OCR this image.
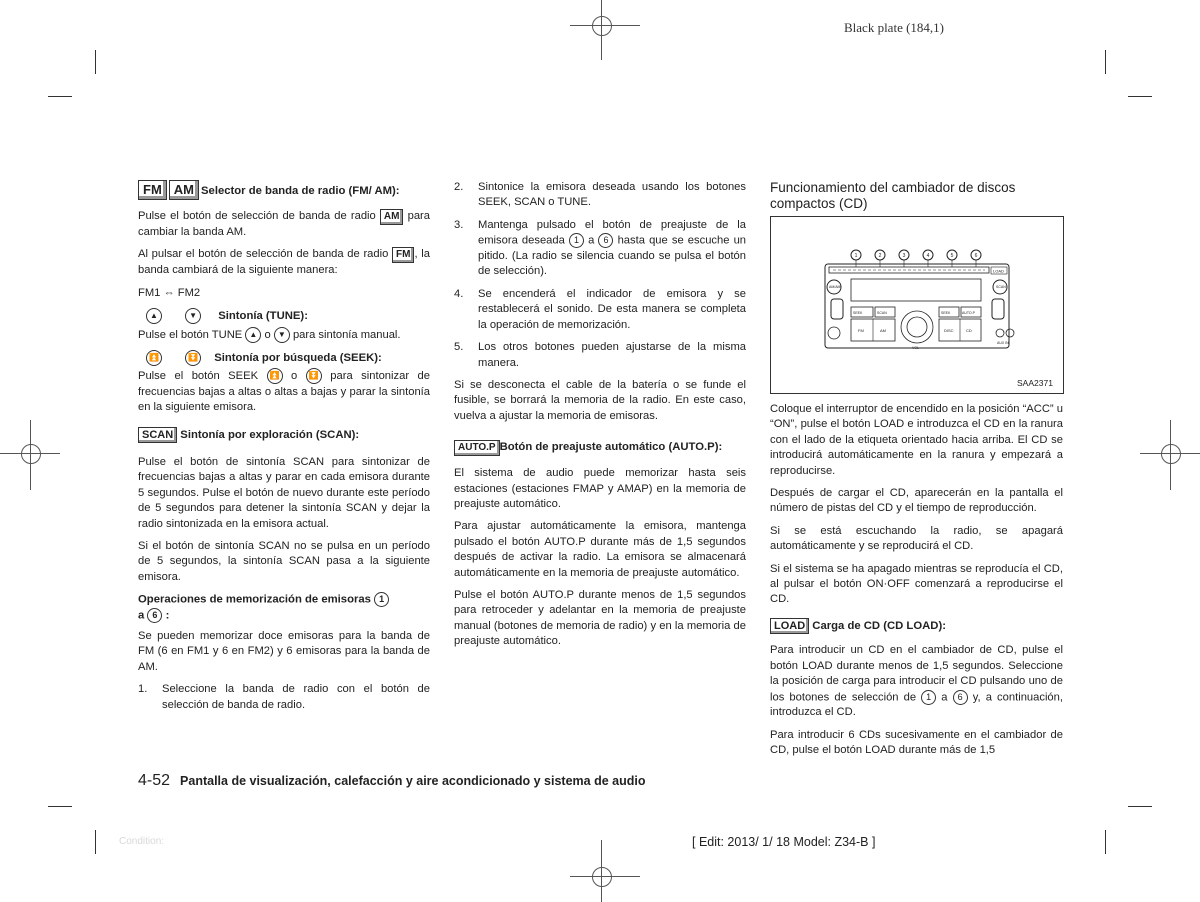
Black plate (184,1)

FM AM Selector de banda de radio (FM/ AM):

Pulse el botón de selección de banda de radio AM para cambiar la banda AM.

Al pulsar el botón de selección de banda de radio FM , la banda cambiará de la siguiente manera:

FM1 ⇔ FM2

▲	▼ Sintonía (TUNE):

Pulse el botón TUNE ▲ o ▼ para sintonía manual.

⏫	⏬ Sintonía por búsqueda (SEEK):

Pulse el botón SEEK ⏫ o ⏬ para sintonizar de frecuencias bajas a altas o altas a bajas y parar la sintonía en la siguiente emisora.

SCAN Sintonía por exploración (SCAN):

Pulse el botón de sintonía SCAN para sintonizar de frecuencias bajas a altas y parar en cada emisora durante 5 segundos. Pulse el botón de nuevo durante este período de 5 segundos para detener la sintonía SCAN y dejar la radio sintonizada en la emisora actual.

Si el botón de sintonía SCAN no se pulsa en un período de 5 segundos, la sintonía SCAN pasa a la siguiente emisora.

Operaciones de memorización de emisoras 1
a 6 :

Se pueden memorizar doce emisoras para la banda de FM (6 en FM1 y 6 en FM2) y 6 emisoras para la banda de AM.

1. Seleccione la banda de radio con el botón de selección de banda de radio.
2. Sintonice la emisora deseada usando los botones SEEK, SCAN o TUNE.
3. Mantenga pulsado el botón de preajuste de la emisora deseada 1 a 6 hasta que se escuche un pitido. (La radio se silencia cuando se pulsa el botón de selección).
4. Se encenderá el indicador de emisora y se restablecerá el sonido. De esta manera se completa la operación de memorización.
5. Los otros botones pueden ajustarse de la misma manera.

Si se desconecta el cable de la batería o se funde el fusible, se borrará la memoria de la radio. En este caso, vuelva a ajustar la memoria de emisoras.

AUTO.P Botón de preajuste automático (AUTO.P):

El sistema de audio puede memorizar hasta seis estaciones (estaciones FMAP y AMAP) en la memoria de preajuste automático.

Para ajustar automáticamente la emisora, mantenga pulsado el botón AUTO.P durante más de 1,5 segundos después de activar la radio. La emisora se almacenará automáticamente en la memoria de preajuste automático.

Pulse el botón AUTO.P durante menos de 1,5 segundos para retroceder y adelantar en la memoria de preajuste manual (botones de memoria de radio) y en la memoria de preajuste automático.

Funcionamiento del cambiador de discos compactos (CD)

1	2	3	4	5	6
LOAD
AM/AM	SCAN
SEEK	SCAN	SEEK	AUTO.P
FM	AM	DISC	CD
VOL
AUX IN
SAA2371

Coloque el interruptor de encendido en la posición “ACC” u “ON”, pulse el botón LOAD e introduzca el CD en la ranura con el lado de la etiqueta orientado hacia arriba. El CD se introducirá automáticamente en la ranura y empezará a reproducirse.

Después de cargar el CD, aparecerán en la pantalla el número de pistas del CD y el tiempo de reproducción.

Si se está escuchando la radio, se apagará automáticamente y se reproducirá el CD.

Si el sistema se ha apagado mientras se reproducía el CD, al pulsar el botón ON·OFF comenzará a reproducirse el CD.

LOAD Carga de CD (CD LOAD):

Para introducir un CD en el cambiador de CD, pulse el botón LOAD durante menos de 1,5 segundos. Seleccione la posición de carga para introducir el CD pulsando uno de los botones de selección de 1 a 6 y, a continuación, introduzca el CD.

Para introducir 6 CDs sucesivamente en el cambiador de CD, pulse el botón LOAD durante más de 1,5

4-52 Pantalla de visualización, calefacción y aire acondicionado y sistema de audio
Condition:	[ Edit: 2013/ 1/ 18 Model: Z34-B ]
